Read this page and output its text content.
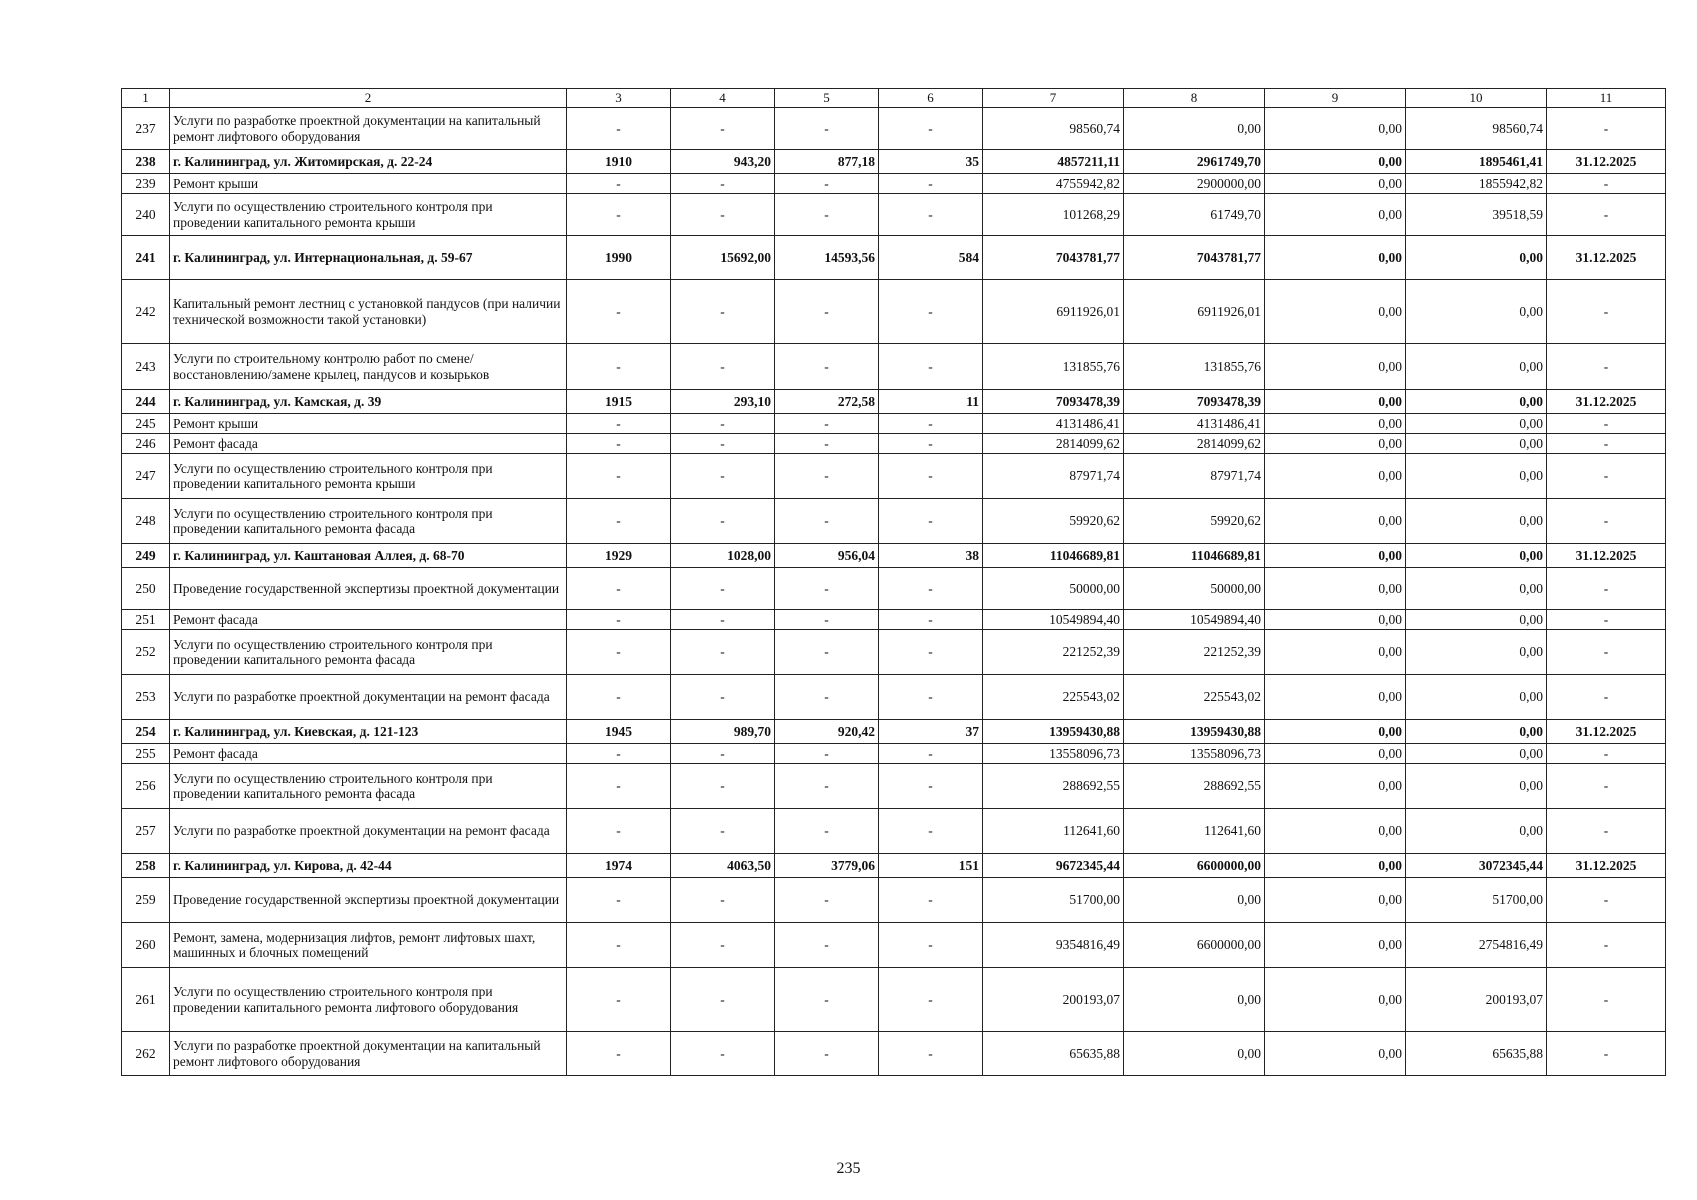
1	2	3	4	5	6	7	8	9	10	11
237	Услуги по разработке проектной документации на капитальный ремонт лифтового оборудования	-	-	-	-	98560,74	0,00	0,00	98560,74	-
238	г. Калининград, ул. Житомирская, д. 22-24	1910	943,20	877,18	35	4857211,11	2961749,70	0,00	1895461,41	31.12.2025
239	Ремонт крыши	-	-	-	-	4755942,82	2900000,00	0,00	1855942,82	-
240	Услуги по осуществлению строительного контроля при проведении капитального ремонта крыши	-	-	-	-	101268,29	61749,70	0,00	39518,59	-
241	г. Калининград, ул. Интернациональная, д. 59-67	1990	15692,00	14593,56	584	7043781,77	7043781,77	0,00	0,00	31.12.2025
242	Капитальный ремонт лестниц с установкой пандусов (при наличии технической возможности такой установки)	-	-	-	-	6911926,01	6911926,01	0,00	0,00	-
243	Услуги по строительному контролю работ по смене/восстановлению/замене крылец, пандусов и козырьков	-	-	-	-	131855,76	131855,76	0,00	0,00	-
244	г. Калининград, ул. Камская, д. 39	1915	293,10	272,58	11	7093478,39	7093478,39	0,00	0,00	31.12.2025
245	Ремонт крыши	-	-	-	-	4131486,41	4131486,41	0,00	0,00	-
246	Ремонт фасада	-	-	-	-	2814099,62	2814099,62	0,00	0,00	-
247	Услуги по осуществлению строительного контроля при проведении капитального ремонта крыши	-	-	-	-	87971,74	87971,74	0,00	0,00	-
248	Услуги по осуществлению строительного контроля при проведении капитального ремонта фасада	-	-	-	-	59920,62	59920,62	0,00	0,00	-
249	г. Калининград, ул. Каштановая Аллея, д. 68-70	1929	1028,00	956,04	38	11046689,81	11046689,81	0,00	0,00	31.12.2025
250	Проведение государственной экспертизы проектной документации	-	-	-	-	50000,00	50000,00	0,00	0,00	-
251	Ремонт фасада	-	-	-	-	10549894,40	10549894,40	0,00	0,00	-
252	Услуги по осуществлению строительного контроля при проведении капитального ремонта фасада	-	-	-	-	221252,39	221252,39	0,00	0,00	-
253	Услуги по разработке проектной документации на ремонт фасада	-	-	-	-	225543,02	225543,02	0,00	0,00	-
254	г. Калининград, ул. Киевская, д. 121-123	1945	989,70	920,42	37	13959430,88	13959430,88	0,00	0,00	31.12.2025
255	Ремонт фасада	-	-	-	-	13558096,73	13558096,73	0,00	0,00	-
256	Услуги по осуществлению строительного контроля при проведении капитального ремонта фасада	-	-	-	-	288692,55	288692,55	0,00	0,00	-
257	Услуги по разработке проектной документации на ремонт фасада	-	-	-	-	112641,60	112641,60	0,00	0,00	-
258	г. Калининград, ул. Кирова, д. 42-44	1974	4063,50	3779,06	151	9672345,44	6600000,00	0,00	3072345,44	31.12.2025
259	Проведение государственной экспертизы проектной документации	-	-	-	-	51700,00	0,00	0,00	51700,00	-
260	Ремонт, замена, модернизация лифтов, ремонт лифтовых шахт, машинных и блочных помещений	-	-	-	-	9354816,49	6600000,00	0,00	2754816,49	-
261	Услуги по осуществлению строительного контроля при проведении капитального ремонта лифтового оборудования	-	-	-	-	200193,07	0,00	0,00	200193,07	-
262	Услуги по разработке проектной документации на капитальный ремонт лифтового оборудования	-	-	-	-	65635,88	0,00	0,00	65635,88	-
235
